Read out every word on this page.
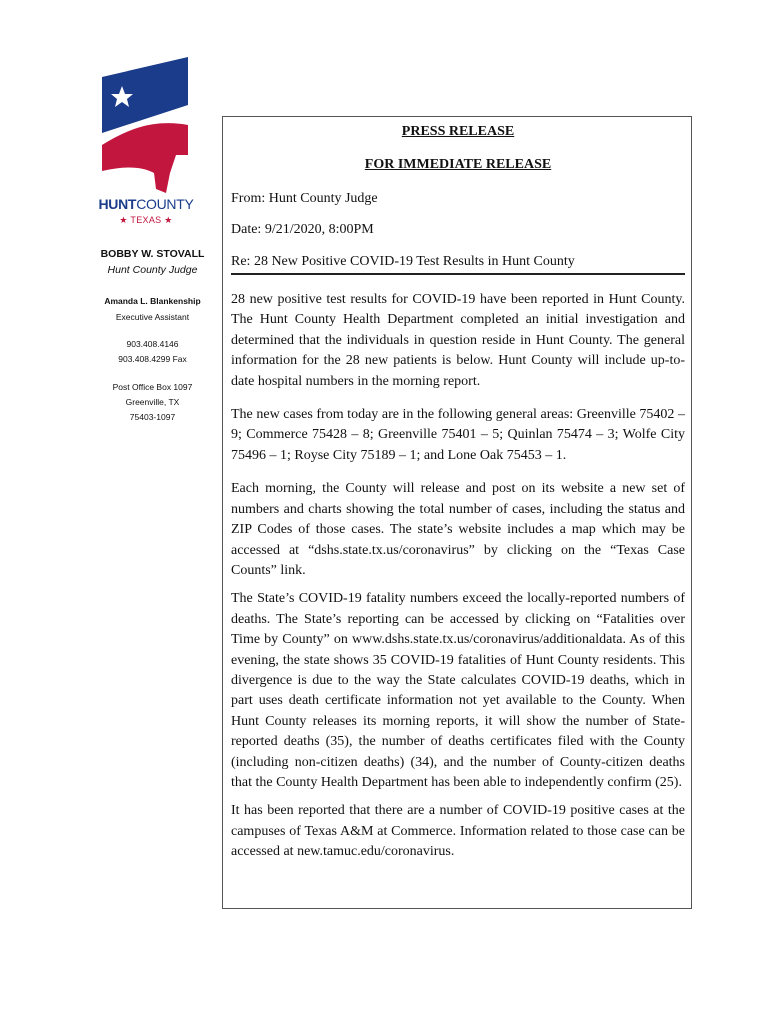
HUNTCOUNTY
★ TEXAS ★
BOBBY W. STOVALL
Hunt County Judge
Amanda L. Blankenship
Executive Assistant
903.408.4146
903.408.4299 Fax
Post Office Box 1097
Greenville, TX
75403-1097
PRESS RELEASE
FOR IMMEDIATE RELEASE
From: Hunt County Judge
Date: 9/21/2020, 8:00PM
Re: 28 New Positive COVID-19 Test Results in Hunt County
28 new positive test results for COVID-19 have been reported in Hunt County. The Hunt County Health Department completed an initial investigation and determined that the individuals in question reside in Hunt County. The general information for the 28 new patients is below. Hunt County will include up-to-date hospital numbers in the morning report.
The new cases from today are in the following general areas: Greenville 75402 – 9; Commerce 75428 – 8; Greenville 75401 – 5; Quinlan 75474 – 3; Wolfe City 75496 – 1; Royse City 75189 – 1; and Lone Oak 75453 – 1.
Each morning, the County will release and post on its website a new set of numbers and charts showing the total number of cases, including the status and ZIP Codes of those cases. The state’s website includes a map which may be accessed at “dshs.state.tx.us/coronavirus” by clicking on the “Texas Case Counts” link.
The State’s COVID-19 fatality numbers exceed the locally-reported numbers of deaths. The State’s reporting can be accessed by clicking on “Fatalities over Time by County” on www.dshs.state.tx.us/coronavirus/additionaldata. As of this evening, the state shows 35 COVID-19 fatalities of Hunt County residents. This divergence is due to the way the State calculates COVID-19 deaths, which in part uses death certificate information not yet available to the County. When Hunt County releases its morning reports, it will show the number of State-reported deaths (35), the number of deaths certificates filed with the County (including non-citizen deaths) (34), and the number of County-citizen deaths that the County Health Department has been able to independently confirm (25).
It has been reported that there are a number of COVID-19 positive cases at the campuses of Texas A&M at Commerce. Information related to those case can be accessed at new.tamuc.edu/coronavirus.
